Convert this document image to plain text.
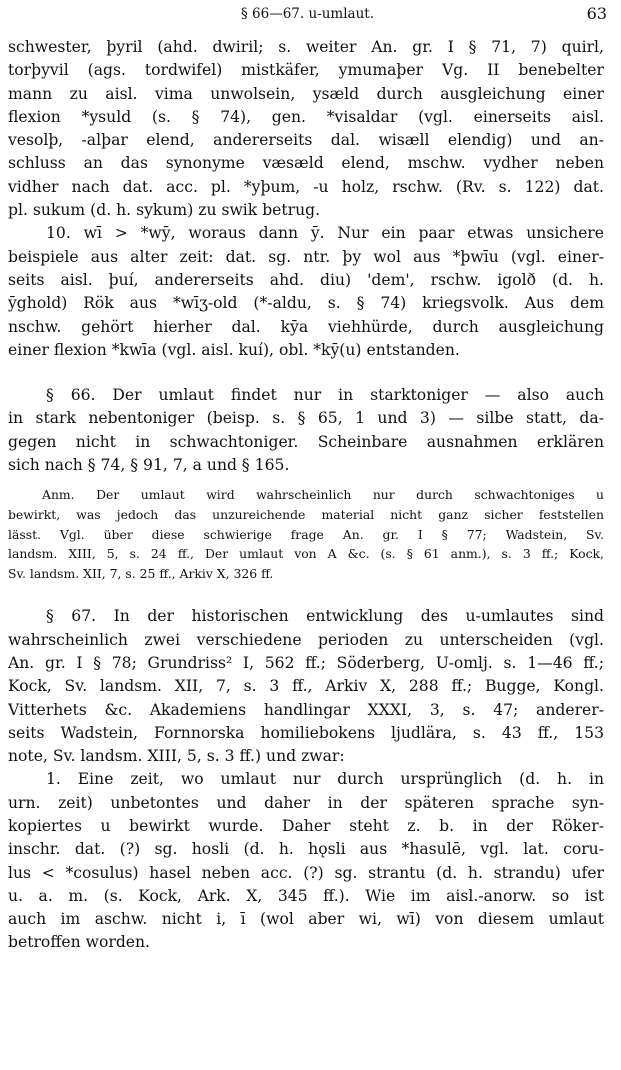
§ 66—67. u-umlaut.	63
schwester, þyril (ahd. dwiril; s. weiter An. gr. I § 71, 7) quirl,
torþyvil (ags. tordwifel) mistkäfer, ymumaþer Vg. II benebelter
mann zu aisl. vima unwolsein, ysæld durch ausgleichung einer
flexion *ysuld (s. § 74), gen. *visaldar (vgl. einerseits aisl.
vesolþ, -alþar elend, andererseits dal. wisæll elendig) und an-
schluss an das synonyme væsæld elend, mschw. vydher neben
vidher nach dat. acc. pl. *yþum, -u holz, rschw. (Rv. s. 122) dat.
pl. sukum (d. h. sykum) zu swik betrug.
10. wī > *wȳ, woraus dann ȳ. Nur ein paar etwas unsichere
beispiele aus alter zeit: dat. sg. ntr. þy wol aus *þwīu (vgl. einer-
seits aisl. þuí, andererseits ahd. diu) 'dem', rschw. igolð (d. h.
ȳghold) Rök aus *wīʒ-old (*-aldu, s. § 74) kriegsvolk. Aus dem
nschw. gehört hierher dal. kȳa viehhürde, durch ausgleichung
einer flexion *kwīa (vgl. aisl. kuí), obl. *kȳ(u) entstanden.
§ 66. Der umlaut findet nur in starktoniger — also auch
in stark nebentoniger (beisp. s. § 65, 1 und 3) — silbe statt, da-
gegen nicht in schwachtoniger. Scheinbare ausnahmen erklären
sich nach § 74, § 91, 7, a und § 165.
Anm. Der umlaut wird wahrscheinlich nur durch schwachtoniges u
bewirkt, was jedoch das unzureichende material nicht ganz sicher feststellen
lässt. Vgl. über diese schwierige frage An. gr. I § 77; Wadstein, Sv.
landsm. XIII, 5, s. 24 ff., Der umlaut von A &c. (s. § 61 anm.), s. 3 ff.; Kock,
Sv. landsm. XII, 7, s. 25 ff., Arkiv X, 326 ff.
§ 67. In der historischen entwicklung des u-umlautes sind
wahrscheinlich zwei verschiedene perioden zu unterscheiden (vgl.
An. gr. I § 78; Grundriss² I, 562 ff.; Söderberg, U-omlj. s. 1—46 ff.;
Kock, Sv. landsm. XII, 7, s. 3 ff., Arkiv X, 288 ff.; Bugge, Kongl.
Vitterhets &c. Akademiens handlingar XXXI, 3, s. 47; anderer-
seits Wadstein, Fornnorska homiliebokens ljudlära, s. 43 ff., 153
note, Sv. landsm. XIII, 5, s. 3 ff.) und zwar:
1. Eine zeit, wo umlaut nur durch ursprünglich (d. h. in
urn. zeit) unbetontes und daher in der späteren sprache syn-
kopiertes u bewirkt wurde. Daher steht z. b. in der Röker-
inschr. dat. (?) sg. hosli (d. h. hǫsli aus *hasulē, vgl. lat. coru-
lus < *cosulus) hasel neben acc. (?) sg. strantu (d. h. strandu) ufer
u. a. m. (s. Kock, Ark. X, 345 ff.). Wie im aisl.-anorw. so ist
auch im aschw. nicht i, ī (wol aber wi, wī) von diesem umlaut
betroffen worden.
